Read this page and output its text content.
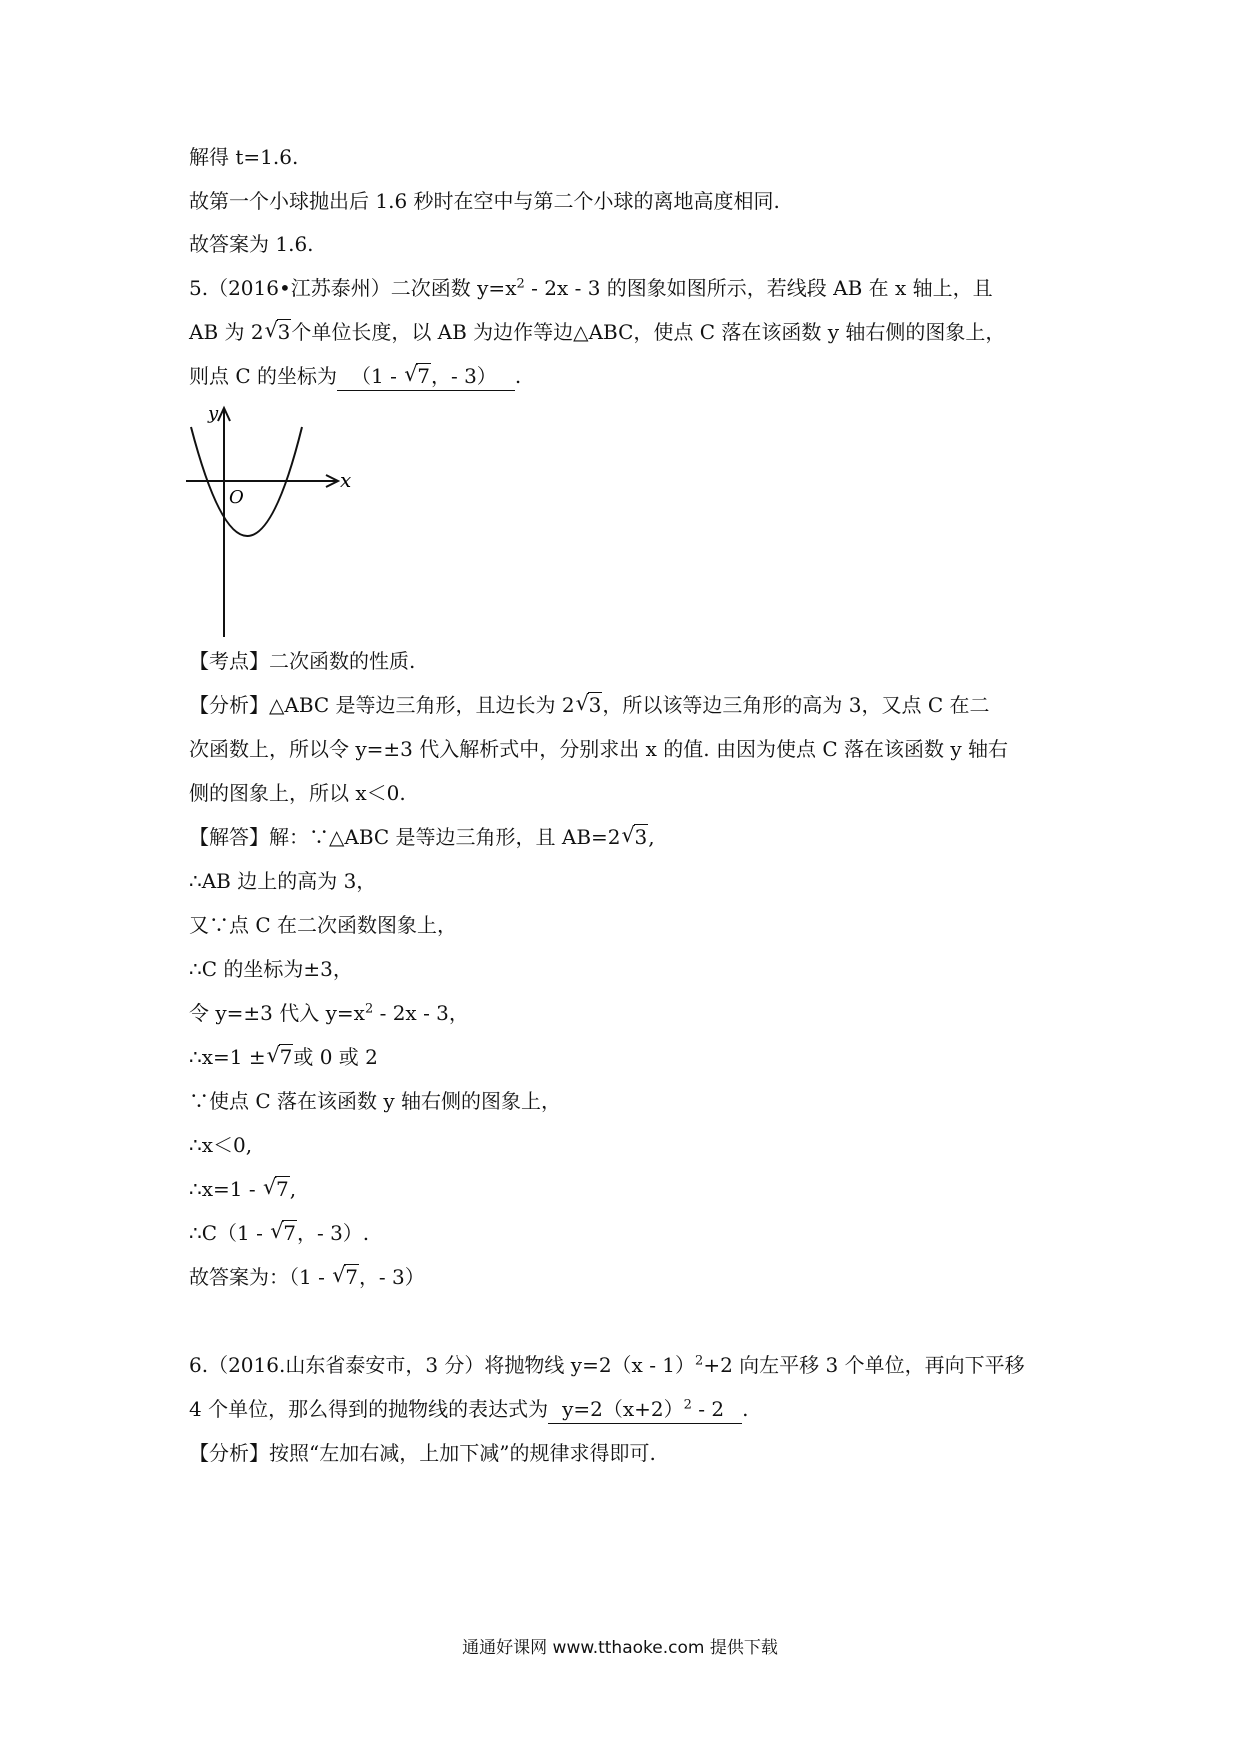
解得 t=1.6.
故第一个小球抛出后 1.6 秒时在空中与第二个小球的离地高度相同.
故答案为 1.6.
5.（2016•江苏泰州）二次函数 $y=x^2 - 2x - 3$ 的图象如图所示，若线段 AB 在 x 轴上，且
AB 为 2 √ 3个单位长度，以 AB 为边作等边△ABC，使点 C 落在该函数 y 轴右侧的图象上，
则点 C 的坐标为 （1 - √ 7，- 3） .
y
x
O
【考点】二次函数的性质.
【分析】△ABC 是等边三角形，且边长为 2 √ 3，所以该等边三角形的高为 3，又点 C 在二
次函数上，所以令 y=±3 代入解析式中，分别求出 x 的值. 由因为使点 C 落在该函数 y 轴右
侧的图象上，所以 x＜0.
【解答】解：∵△ABC 是等边三角形，且 AB=2 √ 3,
∴AB 边上的高为 3，
又∵点 C 在二次函数图象上，
∴C 的坐标为±3，
令 y=±3 代入 $y=x^2 - 2x - 3$，
∴x=1 ± √ 7或 0 或 2
∵使点 C 落在该函数 y 轴右侧的图象上，
∴x＜0,
∴x=1 - √ 7,
∴C（1 - √ 7，- 3）.
故答案为：（1 - √ 7，- 3）
6.（2016.山东省泰安市，3 分）将抛物线 y=2（x - 1）$^2$+2 向左平移 3 个单位，再向下平移
4 个单位，那么得到的抛物线的表达式为 $y=2(x+2)^2 - 2$ .
【分析】按照“左加右减，上加下减”的规律求得即可.
通通好课网 www.tthaoke.com 提供下载
